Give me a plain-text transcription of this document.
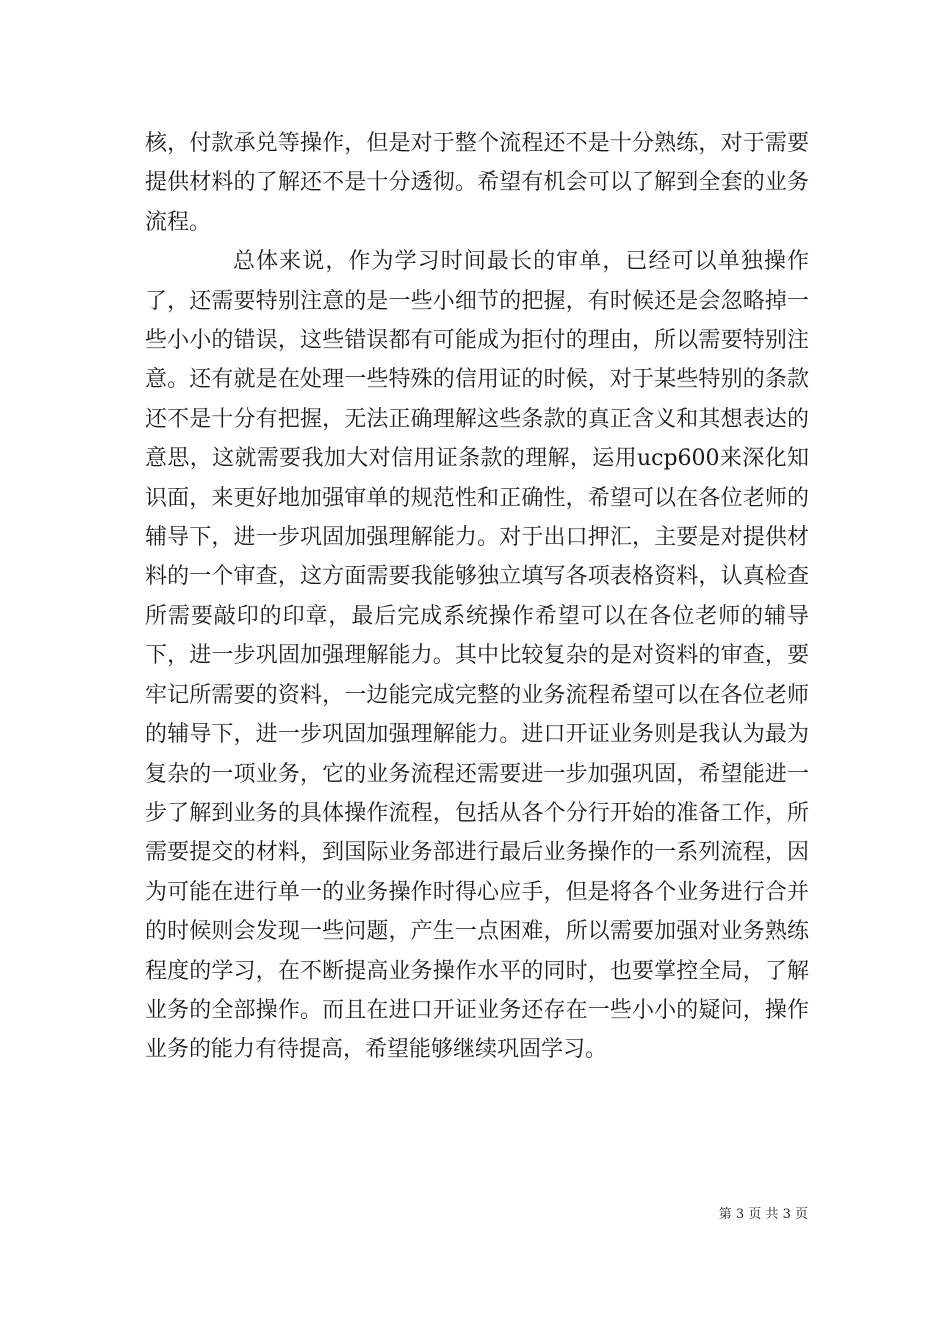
核，付款承兑等操作，但是对于整个流程还不是十分熟练，对于需要提供材料的了解还不是十分透彻。希望有机会可以了解到全套的业务流程。

总体来说，作为学习时间最长的审单，已经可以单独操作了，还需要特别注意的是一些小细节的把握，有时候还是会忽略掉一些小小的错误，这些错误都有可能成为拒付的理由，所以需要特别注意。还有就是在处理一些特殊的信用证的时候，对于某些特别的条款还不是十分有把握，无法正确理解这些条款的真正含义和其想表达的意思，这就需要我加大对信用证条款的理解，运用ucp600来深化知识面，来更好地加强审单的规范性和正确性，希望可以在各位老师的辅导下，进一步巩固加强理解能力。对于出口押汇，主要是对提供材料的一个审查，这方面需要我能够独立填写各项表格资料，认真检查所需要敲印的印章，最后完成系统操作希望可以在各位老师的辅导下，进一步巩固加强理解能力。其中比较复杂的是对资料的审查，要牢记所需要的资料，一边能完成完整的业务流程希望可以在各位老师的辅导下，进一步巩固加强理解能力。进口开证业务则是我认为最为复杂的一项业务，它的业务流程还需要进一步加强巩固，希望能进一步了解到业务的具体操作流程，包括从各个分行开始的准备工作，所需要提交的材料，到国际业务部进行最后业务操作的一系列流程，因为可能在进行单一的业务操作时得心应手，但是将各个业务进行合并的时候则会发现一些问题，产生一点困难，所以需要加强对业务熟练程度的学习，在不断提高业务操作水平的同时，也要掌控全局，了解业务的全部操作。而且在进口开证业务还存在一些小小的疑问，操作业务的能力有待提高，希望能够继续巩固学习。

第 3 页 共 3 页
